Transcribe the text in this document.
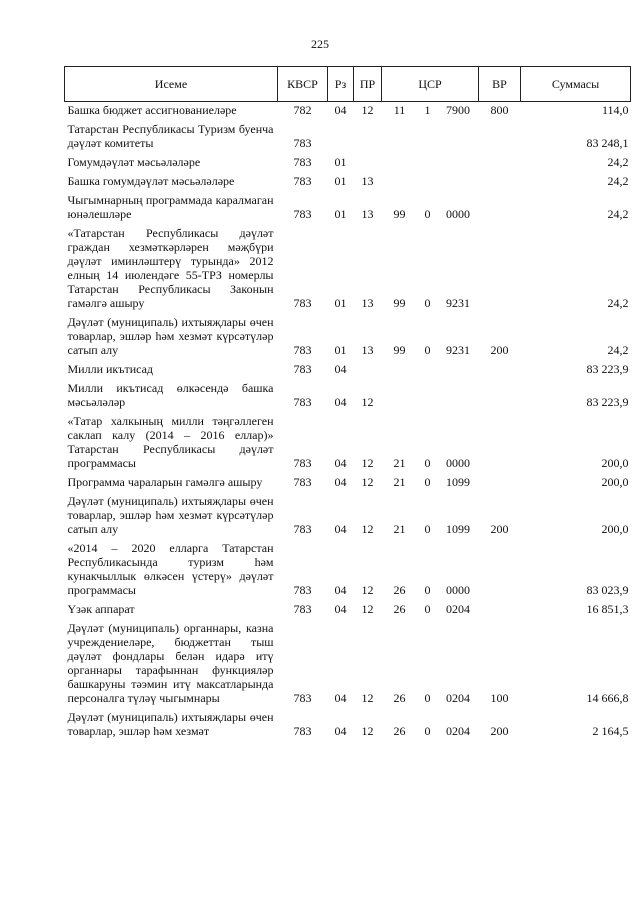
225
Исеме	КВСР	Рз	ПР	ЦСР			ВР	Суммасы
Башка бюджет ассигнованиеләре	782	04	12	11	1	7900	800	114,0
Татарстан Республикасы Туризм буенча дәүләт комитеты	783							83 248,1
Гомумдәүләт мәсьәләләре	783	01						24,2
Башка гомумдәүләт мәсьәләләре	783	01	13					24,2
Чыгымнарның программада каралмаган юнәлешләре	783	01	13	99	0	0000		24,2
«Татарстан Республикасы дәүләт граждан хезмәткәрләрен мәҗбүри дәүләт иминләштерү турында» 2012 елның 14 июлендәге 55-ТРЗ номерлы Татарстан Республикасы Законын гамәлгә ашыру	783	01	13	99	0	9231		24,2
Дәүләт (муниципаль) ихтыяҗлары өчен товарлар, эшләр һәм хезмәт күрсәтүләр сатып алу	783	01	13	99	0	9231	200	24,2
Милли икътисад	783	04						83 223,9
Милли икътисад өлкәсендә башка мәсьәләләр	783	04	12					83 223,9
«Татар халкының милли тәңгәллеген саклап калу (2014 – 2016 еллар)» Татарстан Республикасы дәүләт программасы	783	04	12	21	0	0000		200,0
Программа чараларын гамәлгә ашыру	783	04	12	21	0	1099		200,0
Дәүләт (муниципаль) ихтыяҗлары өчен товарлар, эшләр һәм хезмәт күрсәтүләр сатып алу	783	04	12	21	0	1099	200	200,0
«2014 – 2020 елларга Татарстан Республикасында туризм һәм кунакчыллык өлкәсен үстерү» дәүләт программасы	783	04	12	26	0	0000		83 023,9
Үзәк аппарат	783	04	12	26	0	0204		16 851,3
Дәүләт (муниципаль) органнары, казна учреждениеләре, бюджеттан тыш дәүләт фондлары белән идарә итү органнары тарафыннан функцияләр башкаруны тәэмин итү максатларында персоналга түләү чыгымнары	783	04	12	26	0	0204	100	14 666,8
Дәүләт (муниципаль) ихтыяҗлары өчен товарлар, эшләр һәм хезмәт	783	04	12	26	0	0204	200	2 164,5
